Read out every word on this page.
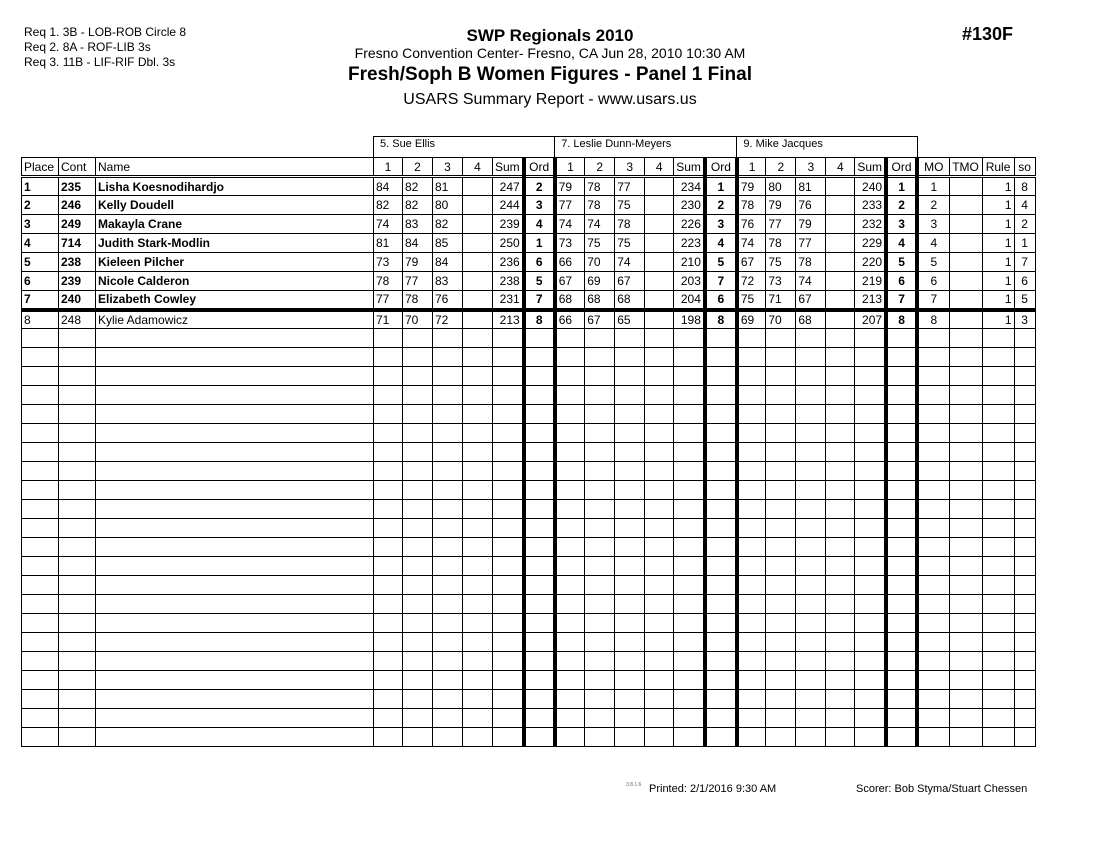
Req 1. 3B - LOB-ROB Circle 8
Req 2. 8A - ROF-LIB 3s
Req 3. 11B - LIF-RIF Dbl. 3s
SWP Regionals 2010
Fresno Convention Center- Fresno, CA Jun 28, 2010 10:30 AM
Fresh/Soph B Women Figures - Panel 1 Final
USARS Summary Report - www.usars.us
#130F
			5. Sue Ellis						7. Leslie Dunn-Meyers						9. Mike Jacques									
Place	Cont	Name	1	2	3	4	Sum	Ord	1	2	3	4	Sum	Ord	1	2	3	4	Sum	Ord	MO	TMO	Rule	so
1	235	Lisha Koesnodihardjo	84	82	81		247	2	79	78	77		234	1	79	80	81		240	1	1		1	8
2	246	Kelly Doudell	82	82	80		244	3	77	78	75		230	2	78	79	76		233	2	2		1	4
3	249	Makayla Crane	74	83	82		239	4	74	74	78		226	3	76	77	79		232	3	3		1	2
4	714	Judith Stark-Modlin	81	84	85		250	1	73	75	75		223	4	74	78	77		229	4	4		1	1
5	238	Kieleen Pilcher	73	79	84		236	6	66	70	74		210	5	67	75	78		220	5	5		1	7
6	239	Nicole Calderon	78	77	83		238	5	67	69	67		203	7	72	73	74		219	6	6		1	6
7	240	Elizabeth Cowley	77	78	76		231	7	68	68	68		204	6	75	71	67		213	7	7		1	5
8	248	Kylie Adamowicz	71	70	72		213	8	66	67	65		198	8	69	70	68		207	8	8		1	3

3.8.1.6 Printed: 2/1/2016 9:30 AM	Scorer: Bob Styma/Stuart Chessen
